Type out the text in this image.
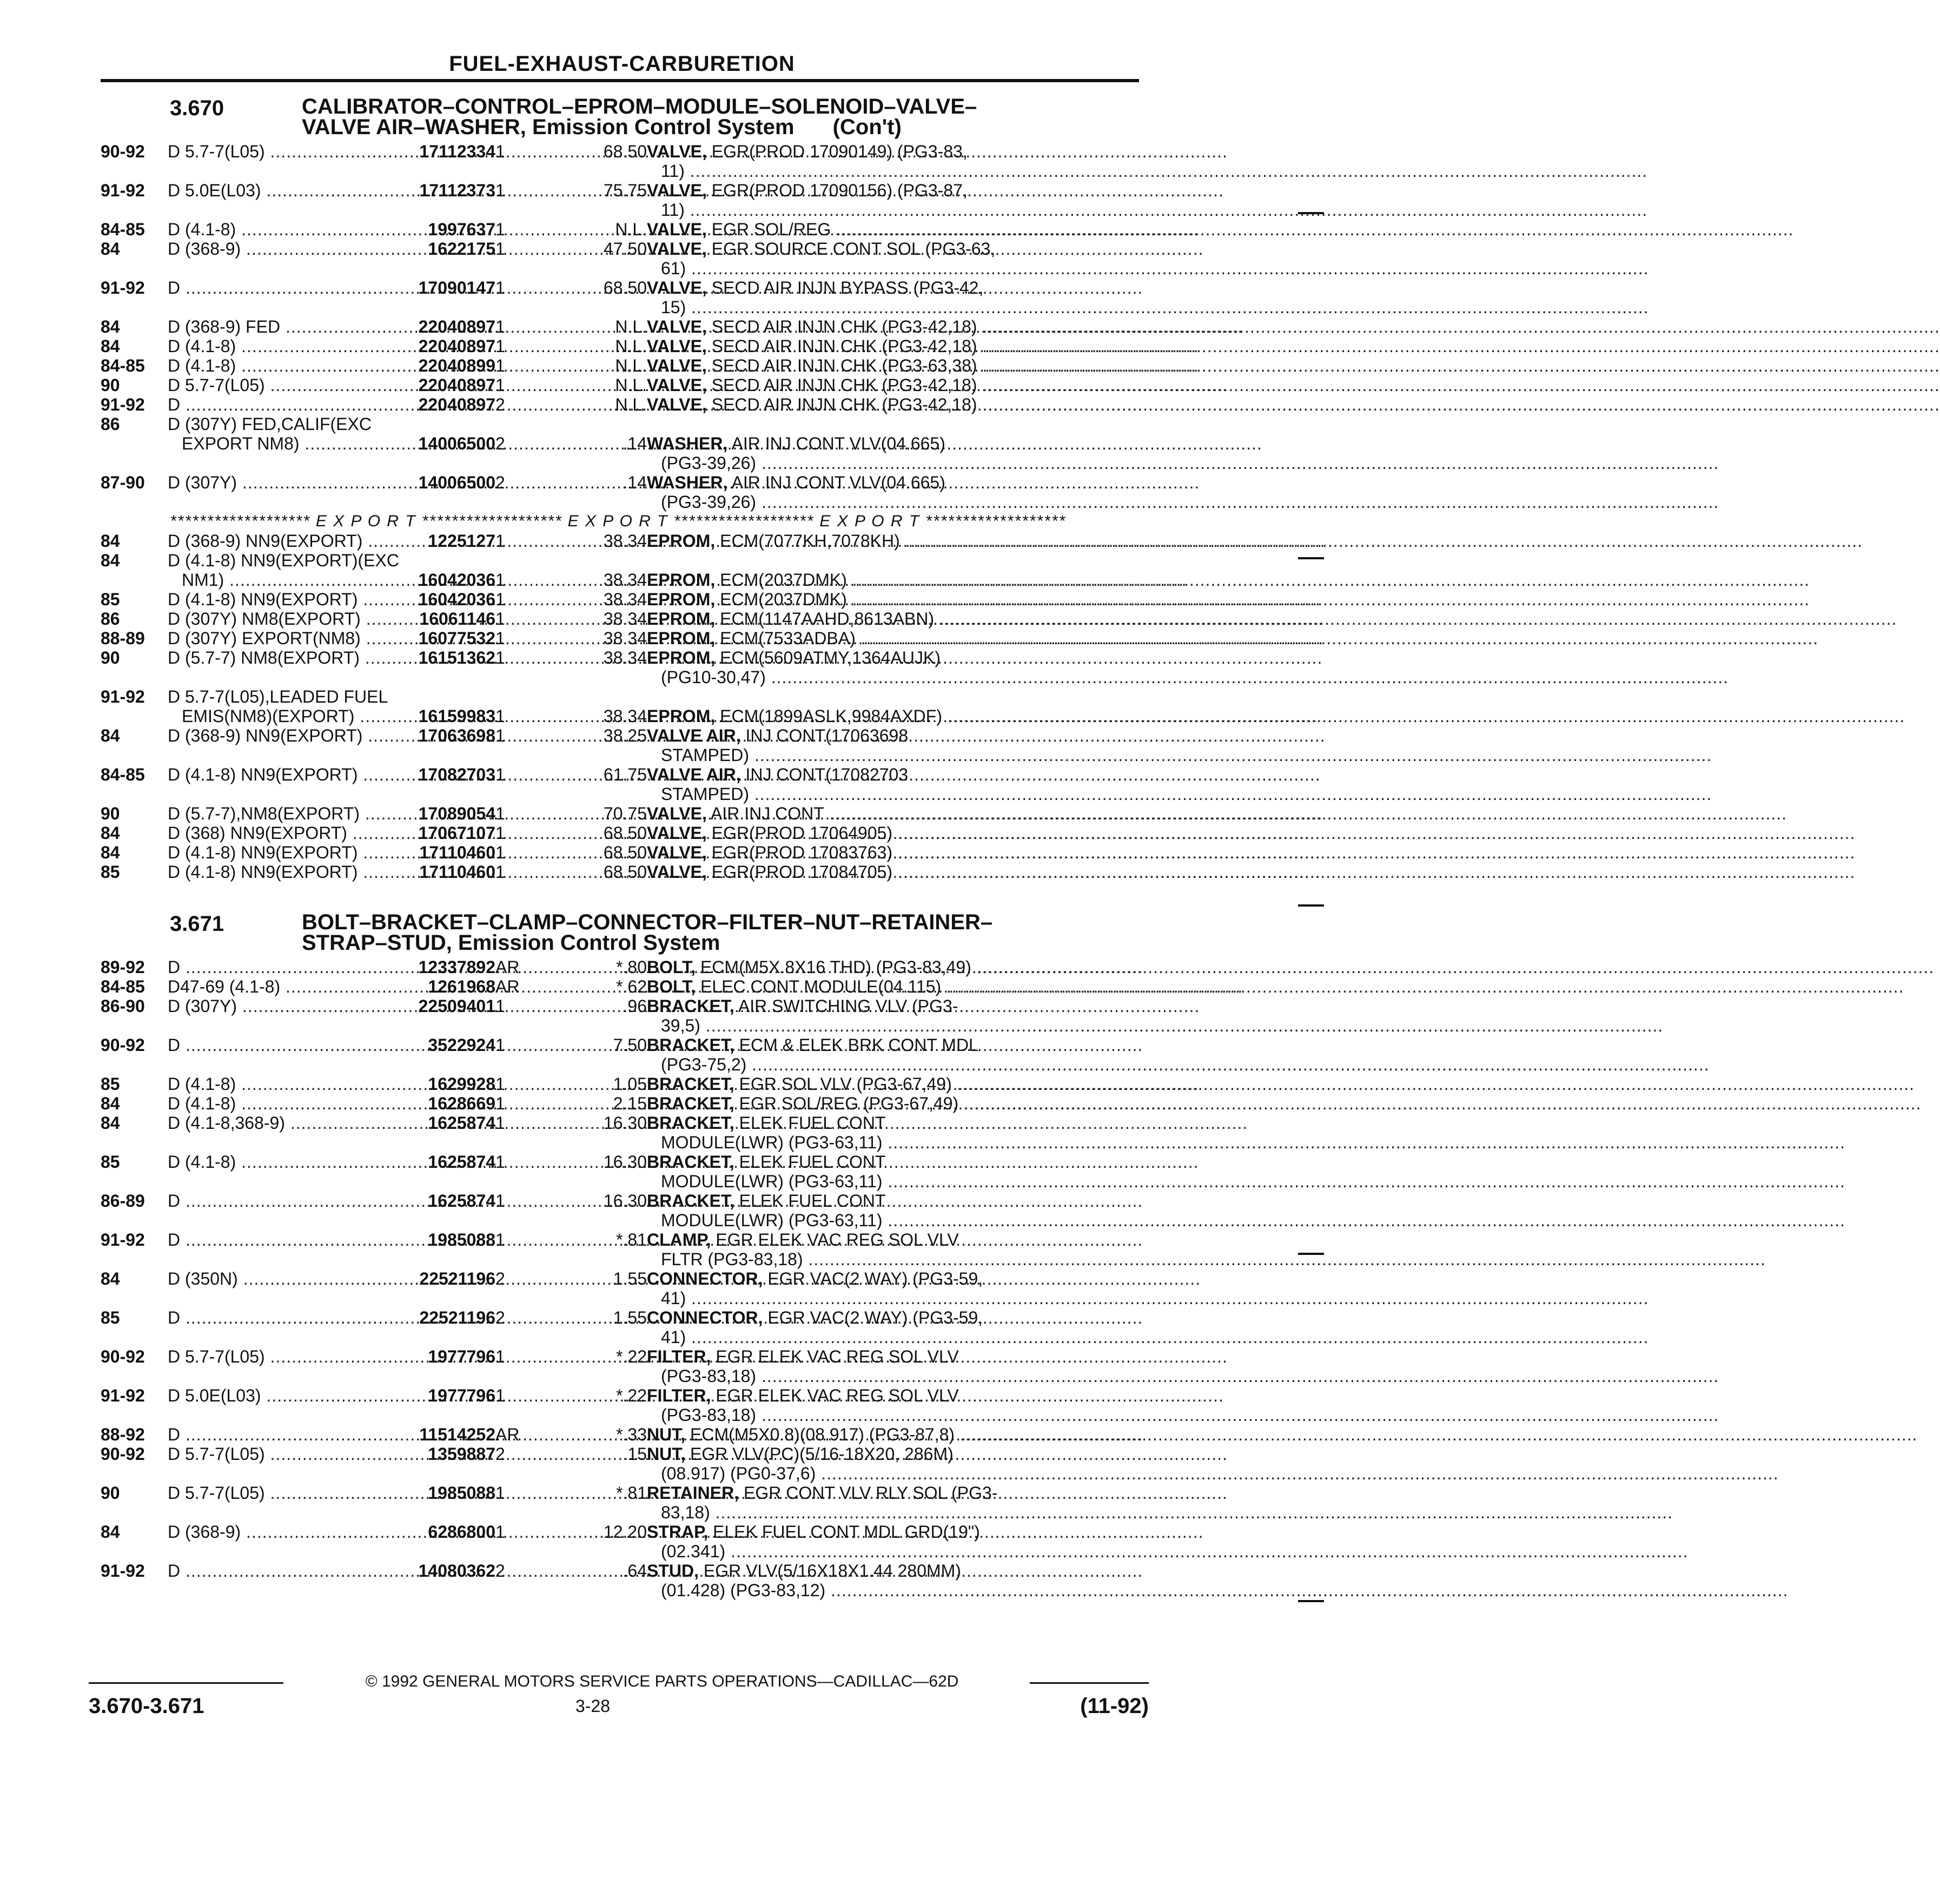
FUEL-EXHAUST-CARBURETION
3.670	CALIBRATOR–CONTROL–EPROM–MODULE–SOLENOID–VALVE–
VALVE AIR–WASHER, Emission Control System (Con't)
90-92	D 5.7-7(L05) .....	17112334	1	68.50	VALVE, EGR(PROD 17090149) (PG3-83,
11) .....

91-92	D 5.0E(L03) .....	17112373	1	75.75	VALVE, EGR(PROD 17090156) (PG3-87,
11) .....

84-85	D (4.1-8) .....	1997637	1	N.L.	VALVE, EGR SOL/REG .....

84	D (368-9) .....	1622175	1	47.50	VALVE, EGR SOURCE CONT SOL (PG3-63,
61) .....

91-92	D .....	17090147	1	68.50	VALVE, SECD AIR INJN BYPASS (PG3-42,
15) .....

84	D (368-9) FED .....	22040897	1	N.L.	VALVE, SECD AIR INJN CHK (PG3-42,18) .....

84	D (4.1-8) .....	22040897	1	N.L.	VALVE, SECD AIR INJN CHK (PG3-42,18) .....

84-85	D (4.1-8) .....	22040899	1	N.L.	VALVE, SECD AIR INJN CHK (PG3-63,38) .....

90	D 5.7-7(L05) .....	22040897	1	N.L.	VALVE, SECD AIR INJN CHK (PG3-42,18) .....

91-92	D .....	22040897	2	N.L.	VALVE, SECD AIR INJN CHK (PG3-42,18) .....

86	D (307Y) FED,CALIF(EXC
EXPORT NM8) .....	14006500	2	.14	WASHER, AIR INJ CONT VLV(04.665)
(PG3-39,26) .....

87-90	D (307Y) .....	14006500	2	.14	WASHER, AIR INJ CONT VLV(04.665)
(PG3-39,26) .....

******************* E X P O R T ******************* E X P O R T ******************* E X P O R T *******************					

84	D (368-9) NN9(EXPORT) .....	1225127	1	38.34	EPROM, ECM(7077KH,7078KH) .....

84	D (4.1-8) NN9(EXPORT)(EXC
NM1) .....	16042036	1	38.34	EPROM, ECM(2037DMK) .....

85	D (4.1-8) NN9(EXPORT) .....	16042036	1	38.34	EPROM, ECM(2037DMK) .....

86	D (307Y) NM8(EXPORT) .....	16061146	1	38.34	EPROM, ECM(1147AAHD,8613ABN) .....

88-89	D (307Y) EXPORT(NM8) .....	16077532	1	38.34	EPROM, ECM(7533ADBA) .....

90	D (5.7-7) NM8(EXPORT) .....	16151362	1	38.34	EPROM, ECM(5609ATMY,1364AUJK)
(PG10-30,47) .....

91-92	D 5.7-7(L05),LEADED FUEL
EMIS(NM8)(EXPORT) .....	16159983	1	38.34	EPROM, ECM(1899ASLK,9984AXDF) .....

84	D (368-9) NN9(EXPORT) .....	17063698	1	38.25	VALVE AIR, INJ CONT(17063698
STAMPED) .....

84-85	D (4.1-8) NN9(EXPORT) .....	17082703	1	61.75	VALVE AIR, INJ CONT(17082703
STAMPED) .....

90	D (5.7-7),NM8(EXPORT) .....	17089054	1	70.75	VALVE, AIR INJ CONT .....

84	D (368) NN9(EXPORT) .....	17067107	1	68.50	VALVE, EGR(PROD 17064905) .....

84	D (4.1-8) NN9(EXPORT) .....	17110460	1	68.50	VALVE, EGR(PROD 17083763) .....

85	D (4.1-8) NN9(EXPORT) .....	17110460	1	68.50	VALVE, EGR(PROD 17084705) .....
3.671	BOLT–BRACKET–CLAMP–CONNECTOR–FILTER–NUT–RETAINER–
STRAP–STUD, Emission Control System
89-92	D .....	12337892	AR	*.80	BOLT, ECM(M5X.8X16 THD) (PG3-83,49) .....

84-85	D47-69 (4.1-8) .....	1261968	AR	*.62	BOLT, ELEC CONT MODULE(04.115) .....

86-90	D (307Y) .....	22509401	1	.96	BRACKET, AIR SWITCHING VLV (PG3-
39,5) .....

90-92	D .....	3522924	1	7.50	BRACKET, ECM & ELEK BRK CONT MDL
(PG3-75,2) .....

85	D (4.1-8) .....	1629928	1	1.05	BRACKET, EGR SOL VLV (PG3-67,49) .....

84	D (4.1-8) .....	1628669	1	2.15	BRACKET, EGR SOL/REG (PG3-67,49) .....

84	D (4.1-8,368-9) .....	1625874	1	16.30	BRACKET, ELEK FUEL CONT
MODULE(LWR) (PG3-63,11) .....

85	D (4.1-8) .....	1625874	1	16.30	BRACKET, ELEK FUEL CONT
MODULE(LWR) (PG3-63,11) .....

86-89	D .....	1625874	1	16.30	BRACKET, ELEK FUEL CONT
MODULE(LWR) (PG3-63,11) .....

91-92	D .....	1985088	1	*.81	CLAMP, EGR ELEK VAC REG SOL VLV
FLTR (PG3-83,18) .....

84	D (350N) .....	22521196	2	1.55	CONNECTOR, EGR VAC(2 WAY) (PG3-59,
41) .....

85	D .....	22521196	2	1.55	CONNECTOR, EGR VAC(2 WAY) (PG3-59,
41) .....

90-92	D 5.7-7(L05) .....	1977796	1	*.22	FILTER, EGR ELEK VAC REG SOL VLV
(PG3-83,18) .....

91-92	D 5.0E(L03) .....	1977796	1	*.22	FILTER, EGR ELEK VAC REG SOL VLV
(PG3-83,18) .....

88-92	D .....	11514252	AR	*.33	NUT, ECM(M5X0.8)(08.917) (PG3-87,8) .....

90-92	D 5.7-7(L05) .....	1359887	2	.15	NUT, EGR VLV(PC)(5/16-18X20, 286M)
(08.917) (PG0-37,6) .....

90	D 5.7-7(L05) .....	1985088	1	*.81	RETAINER, EGR CONT VLV RLY SOL (PG3-
83,18) .....

84	D (368-9) .....	6286800	1	12.20	STRAP, ELEK FUEL CONT MDL GRD(19")
(02.341) .....

91-92	D .....	14080362	2	.64	STUD, EGR VLV(5/16X18X1.44 280MM)
(01.428) (PG3-83,12) .....
© 1992 GENERAL MOTORS SERVICE PARTS OPERATIONS—CADILLAC—62D
3.670-3.671	3-28	(11-92)
